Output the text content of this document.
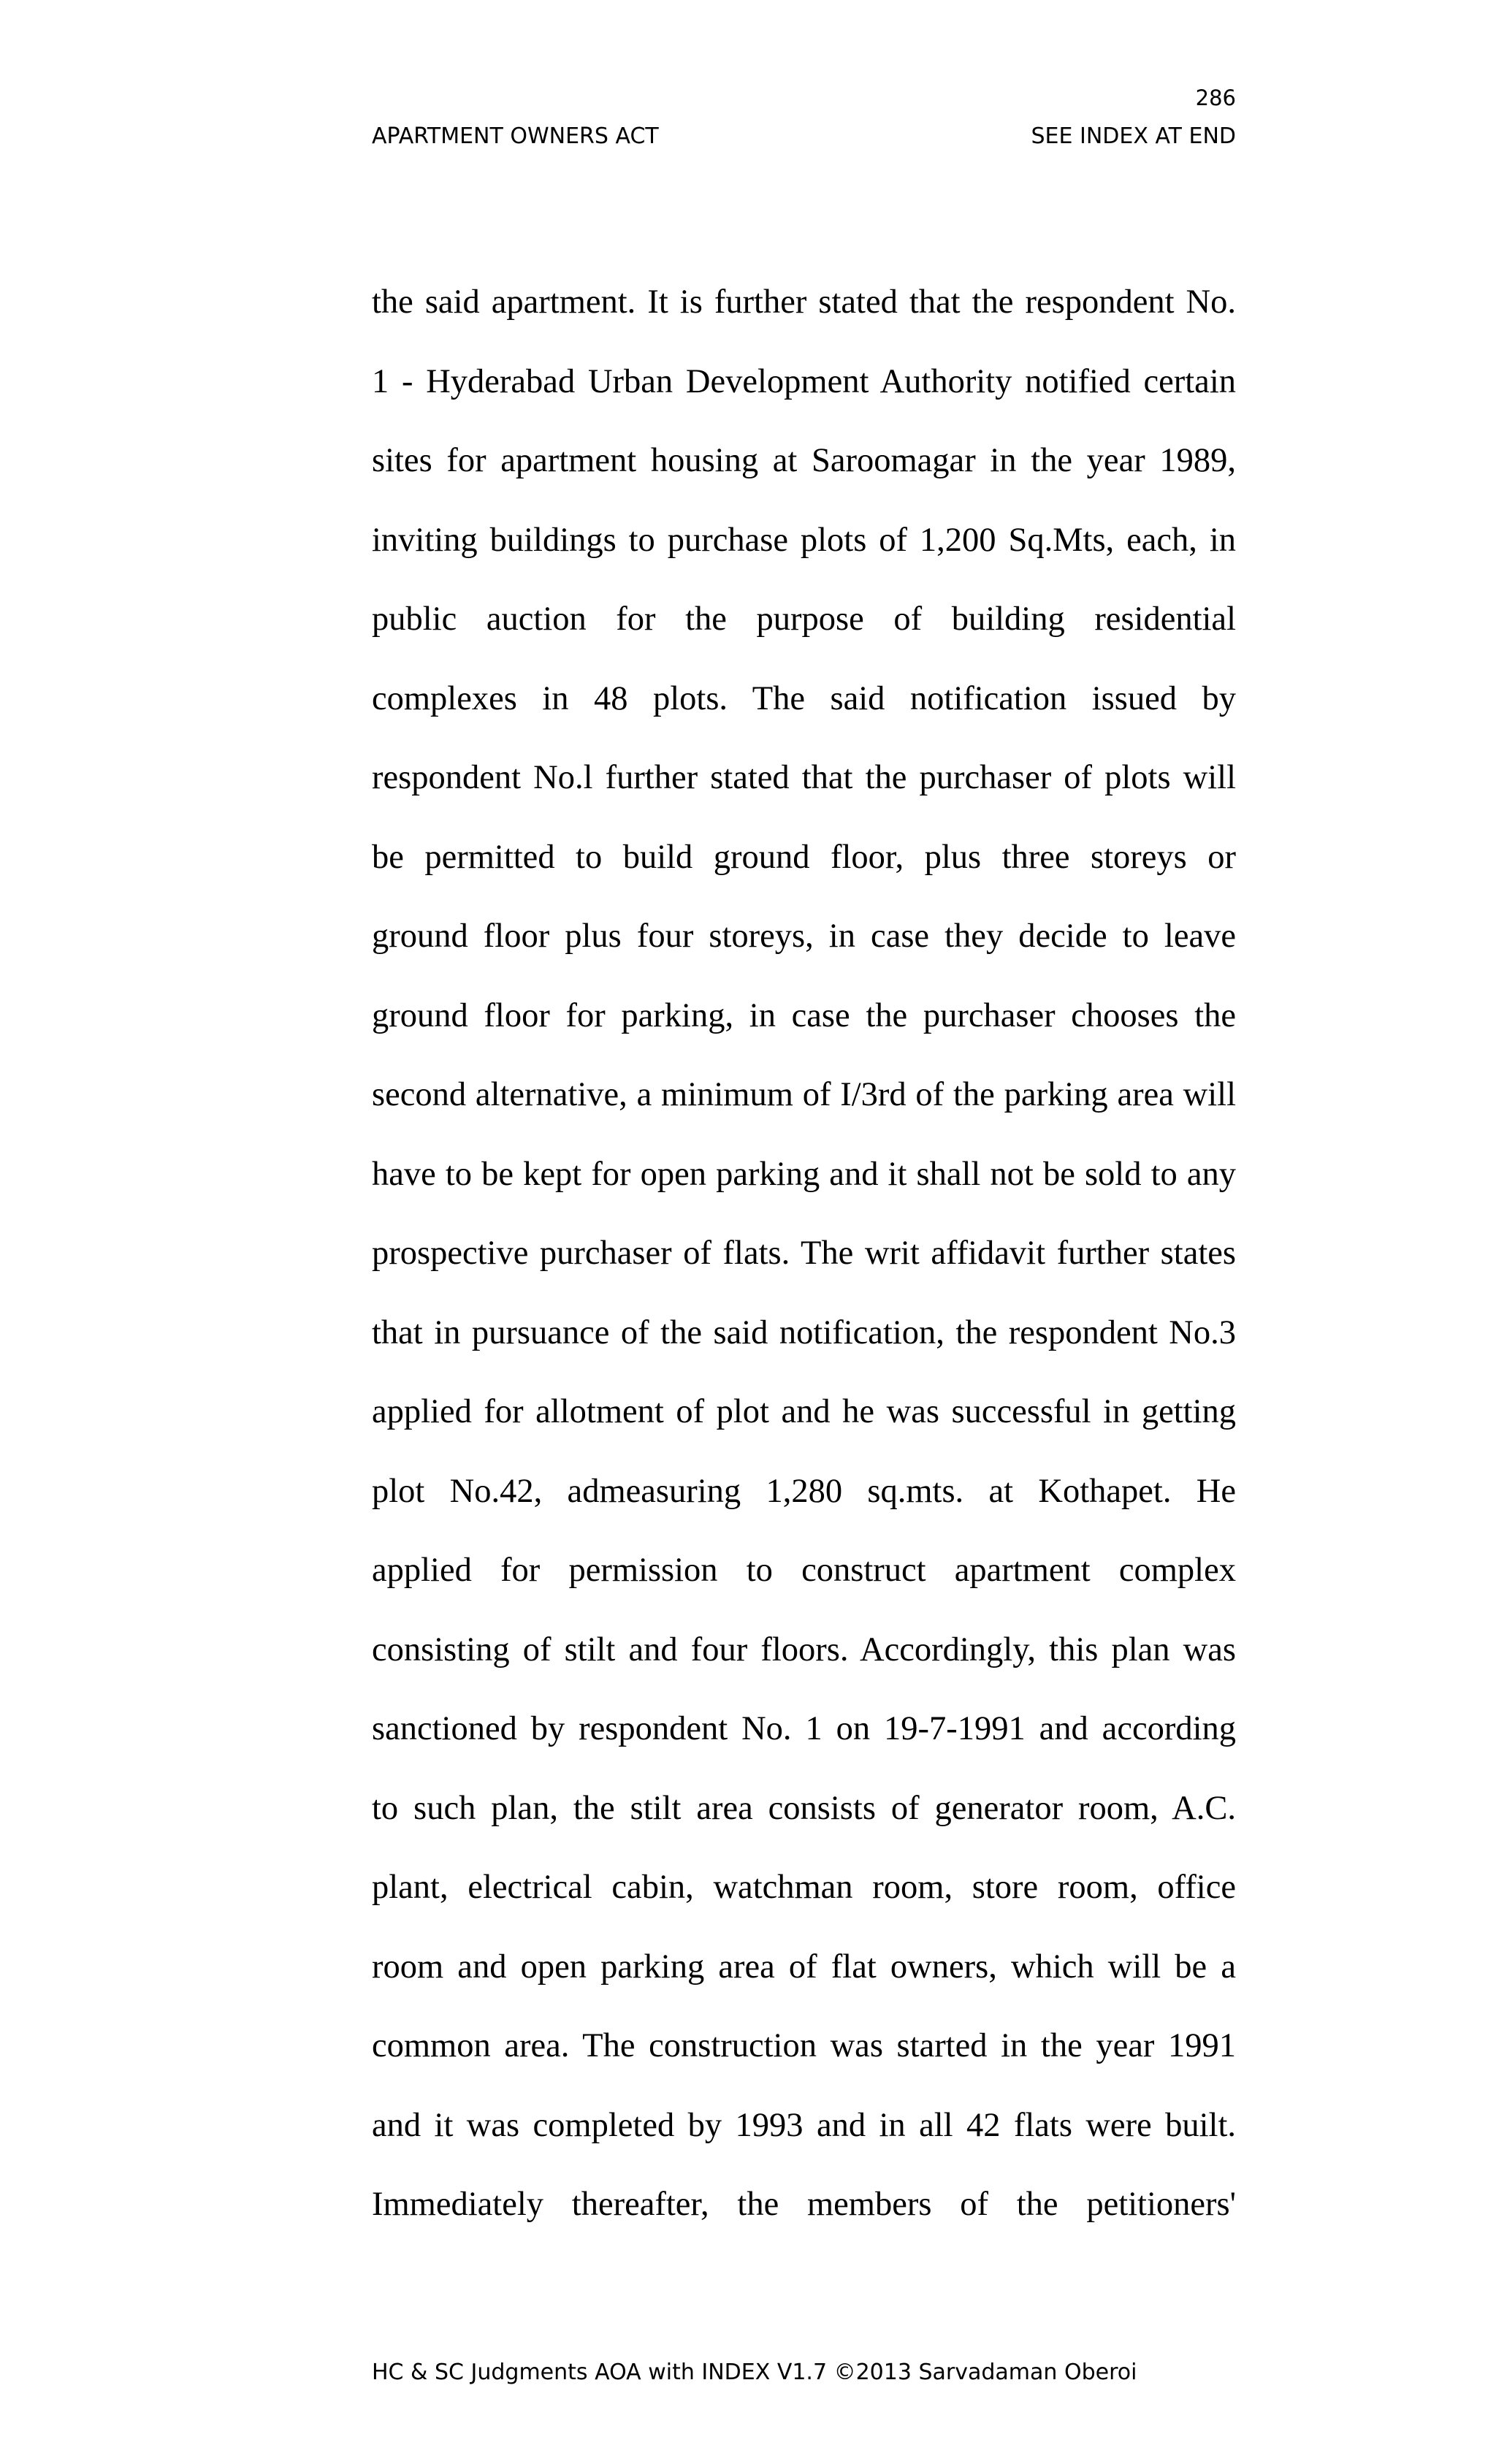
286
APARTMENT OWNERS ACT	SEE INDEX AT END
the said apartment. It is further stated that the respondent No.
1 - Hyderabad Urban Development Authority notified certain
sites for apartment housing at Saroomagar in the year 1989,
inviting buildings to purchase plots of 1,200 Sq.Mts, each, in
public auction for the purpose of building residential
complexes in 48 plots. The said notification issued by
respondent No.l further stated that the purchaser of plots will
be permitted to build ground floor, plus three storeys or
ground floor plus four storeys, in case they decide to leave
ground floor for parking, in case the purchaser chooses the
second alternative, a minimum of I/3rd of the parking area will
have to be kept for open parking and it shall not be sold to any
prospective purchaser of flats. The writ affidavit further states
that in pursuance of the said notification, the respondent No.3
applied for allotment of plot and he was successful in getting
plot No.42, admeasuring 1,280 sq.mts. at Kothapet. He
applied for permission to construct apartment complex
consisting of stilt and four floors. Accordingly, this plan was
sanctioned by respondent No. 1 on 19-7-1991 and according
to such plan, the stilt area consists of generator room, A.C.
plant, electrical cabin, watchman room, store room, office
room and open parking area of flat owners, which will be a
common area. The construction was started in the year 1991
and it was completed by 1993 and in all 42 flats were built.
Immediately thereafter, the members of the petitioners'
HC & SC Judgments AOA with INDEX V1.7 ©2013 Sarvadaman Oberoi
